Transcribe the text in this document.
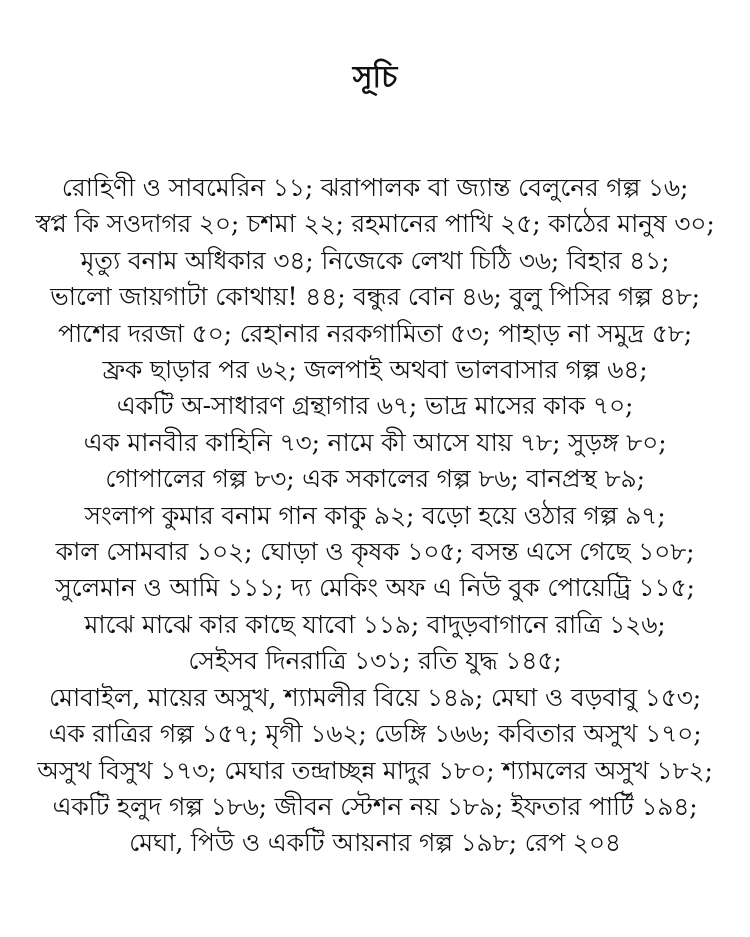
সূচি
রোহিণী ও সাবমেরিন ১১; ঝরাপালক বা জ্যান্ত বেলুনের গল্প ১৬;
স্বপ্ন কি সওদাগর ২০; চশমা ২২; রহমানের পাখি ২৫; কাঠের মানুষ ৩০;
মৃত্যু বনাম অধিকার ৩৪; নিজেকে লেখা চিঠি ৩৬; বিহার ৪১;
ভালো জায়গাটা কোথায়! ৪৪; বন্ধুর বোন ৪৬; বুলু পিসির গল্প ৪৮;
পাশের দরজা ৫০; রেহানার নরকগামিতা ৫৩; পাহাড় না সমুদ্র ৫৮;
ফ্রক ছাড়ার পর ৬২; জলপাই অথবা ভালবাসার গল্প ৬৪;
একটি অ-সাধারণ গ্রন্থাগার ৬৭; ভাদ্র মাসের কাক ৭০;
এক মানবীর কাহিনি ৭৩; নামে কী আসে যায় ৭৮; সুড়ঙ্গ ৮০;
গোপালের গল্প ৮৩; এক সকালের গল্প ৮৬; বানপ্রস্থ ৮৯;
সংলাপ কুমার বনাম গান কাকু ৯২; বড়ো হয়ে ওঠার গল্প ৯৭;
কাল সোমবার ১০২; ঘোড়া ও কৃষক ১০৫; বসন্ত এসে গেছে ১০৮;
সুলেমান ও আমি ১১১; দ্য মেকিং অফ এ নিউ বুক পোয়েট্রি ১১৫;
মাঝে মাঝে কার কাছে যাবো ১১৯; বাদুড়বাগানে রাত্রি ১২৬;
সেইসব দিনরাত্রি ১৩১; রতি যুদ্ধ ১৪৫;
মোবাইল, মায়ের অসুখ, শ্যামলীর বিয়ে ১৪৯; মেঘা ও বড়বাবু ১৫৩;
এক রাত্রির গল্প ১৫৭; মৃগী ১৬২; ডেঙ্গি ১৬৬; কবিতার অসুখ ১৭০;
অসুখ বিসুখ ১৭৩; মেঘার তন্দ্রাচ্ছন্ন মাদুর ১৮০; শ্যামলের অসুখ ১৮২;
একটি হলুদ গল্প ১৮৬; জীবন স্টেশন নয় ১৮৯; ইফতার পার্টি ১৯৪;
মেঘা, পিউ ও একটি আয়নার গল্প ১৯৮; রেপ ২০৪
